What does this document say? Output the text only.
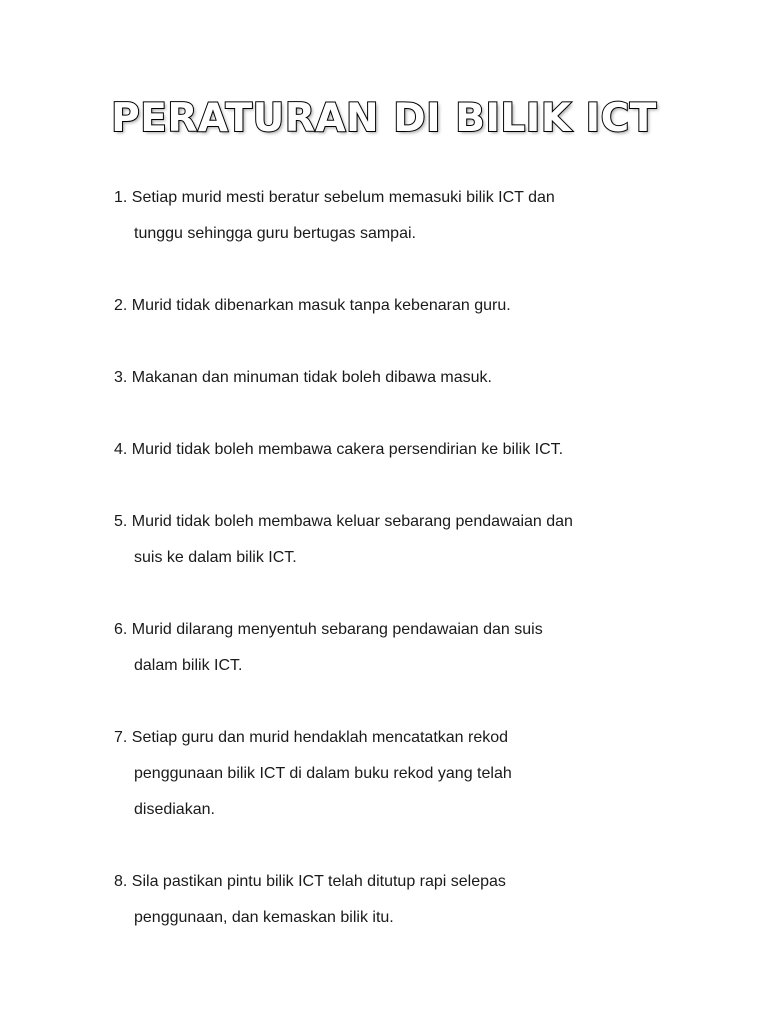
PERATURAN DI BILIK ICT
1. Setiap murid mesti beratur sebelum memasuki bilik ICT dan
tunggu sehingga guru bertugas sampai.
2. Murid tidak dibenarkan masuk tanpa kebenaran guru.
3. Makanan dan minuman tidak boleh dibawa masuk.
4. Murid tidak boleh membawa cakera persendirian ke bilik ICT.
5. Murid tidak boleh membawa keluar sebarang pendawaian dan
suis ke dalam bilik ICT.
6. Murid dilarang menyentuh sebarang pendawaian dan suis
dalam bilik ICT.
7. Setiap guru dan murid hendaklah mencatatkan rekod
penggunaan bilik ICT di dalam buku rekod yang telah
disediakan.
8. Sila pastikan pintu bilik ICT telah ditutup rapi selepas
penggunaan, dan kemaskan bilik itu.
